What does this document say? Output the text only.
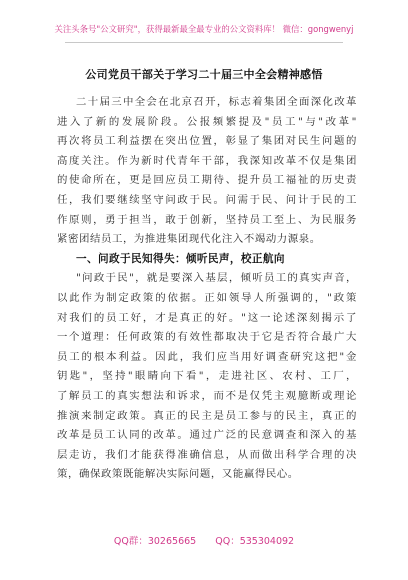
关注头条号"公文研究"，获得最新最全最专业的公文资料库！ 微信：gongwenyj
公司党员干部关于学习二十届三中全会精神感悟
二十届三中全会在北京召开，标志着集团全面深化改革
进入了新的发展阶段。公报频繁提及"员工"与"改革"
再次将员工利益摆在突出位置，彰显了集团对民生问题的
高度关注。作为新时代青年干部，我深知改革不仅是集团
的使命所在，更是回应员工期待、提升员工福祉的历史责
任，我们要继续坚守问政于民。问需于民、问计于民的工
作原则，勇于担当，敢于创新，坚持员工至上、为民服务
紧密团结员工，为推进集团现代化注入不竭动力源泉。
一、问政于民知得失：倾听民声，校正航向
"问政于民"，就是要深入基层，倾听员工的真实声音，
以此作为制定政策的依据。正如领导人所强调的，"政策
对我们的员工好，才是真正的好。"这一论述深刻揭示了
一个道理：任何政策的有效性都取决于它是否符合最广大
员工的根本利益。因此，我们应当用好调查研究这把"金
钥匙"，坚持"眼睛向下看"，走进社区、农村、工厂，
了解员工的真实想法和诉求，而不是仅凭主观臆断或理论
推演来制定政策。真正的民主是员工参与的民主，真正的
改革是员工认同的改革。通过广泛的民意调查和深入的基
层走访，我们才能获得准确信息，从而做出科学合理的决
QQ群：30265665 QQ：535304092
策，确保政策既能解决实际问题，又能赢得民心。
